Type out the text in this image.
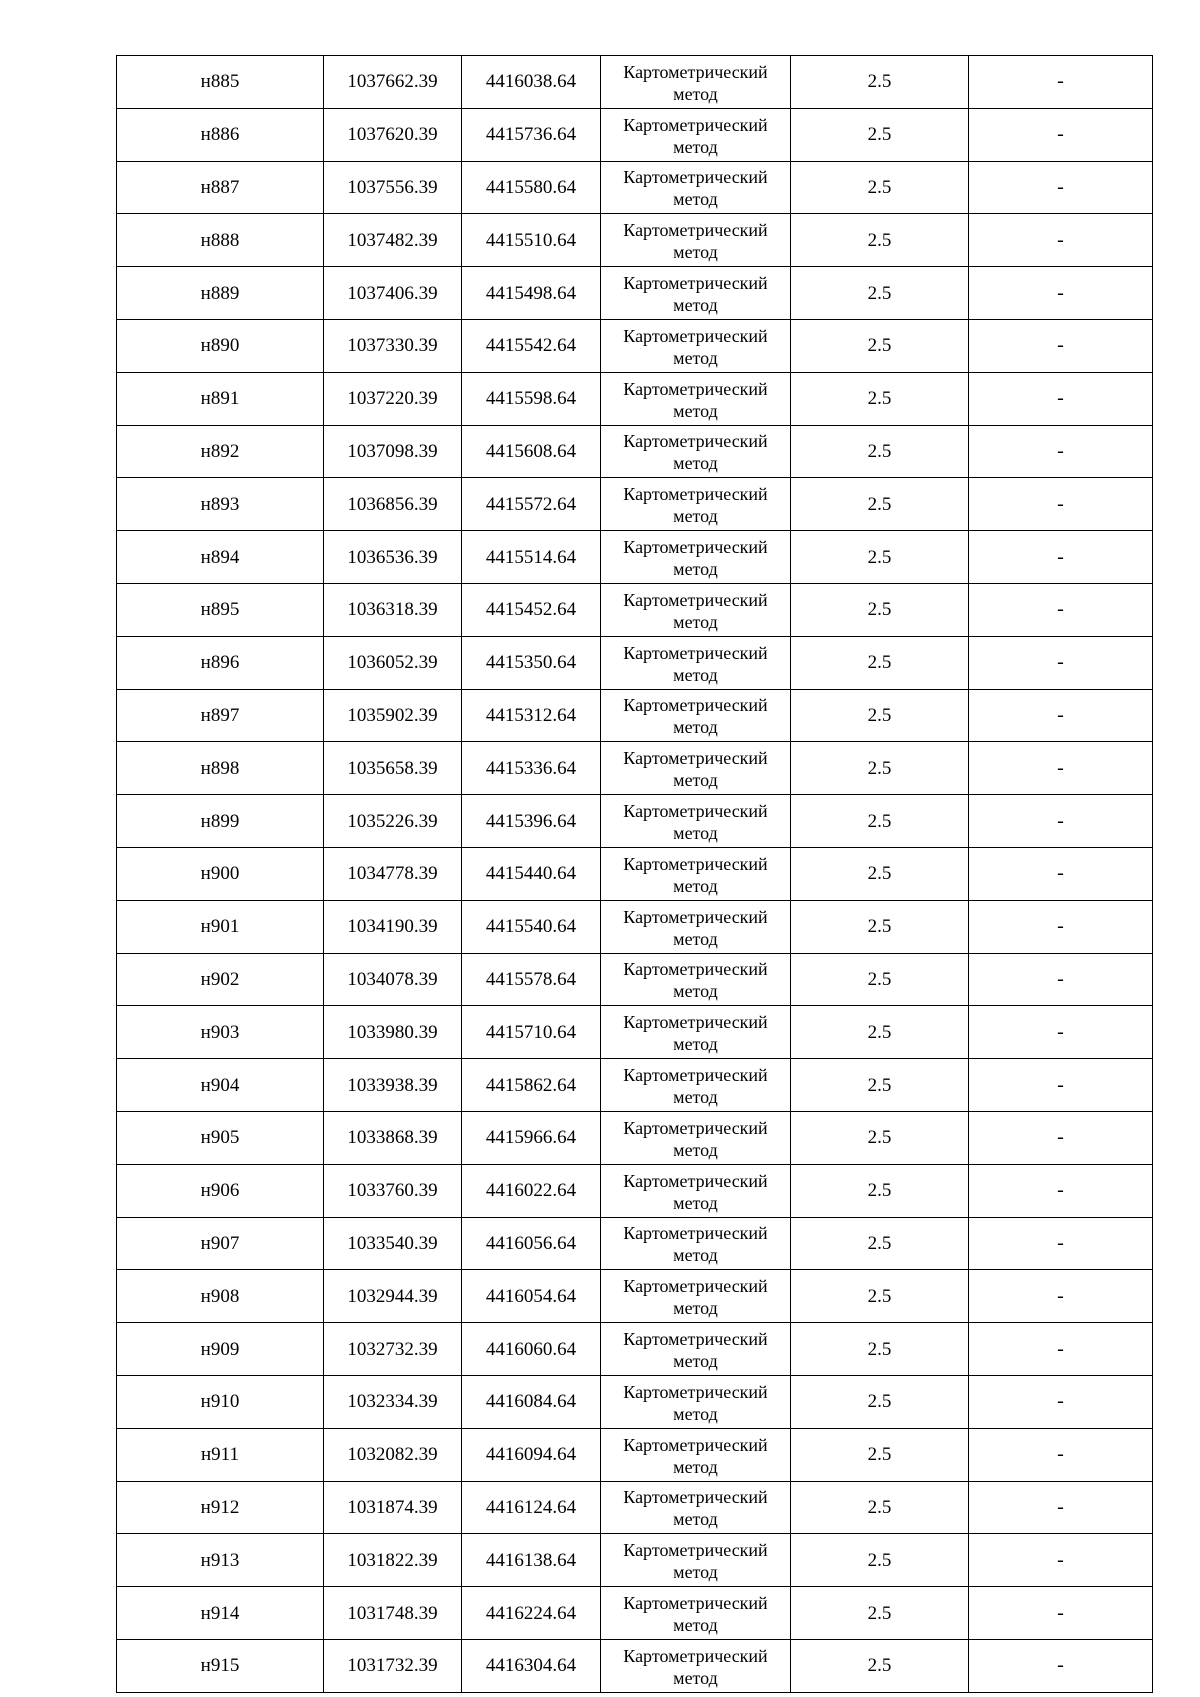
н885	1037662.39	4416038.64	Картометрический метод	2.5	-
н886	1037620.39	4415736.64	Картометрический метод	2.5	-
н887	1037556.39	4415580.64	Картометрический метод	2.5	-
н888	1037482.39	4415510.64	Картометрический метод	2.5	-
н889	1037406.39	4415498.64	Картометрический метод	2.5	-
н890	1037330.39	4415542.64	Картометрический метод	2.5	-
н891	1037220.39	4415598.64	Картометрический метод	2.5	-
н892	1037098.39	4415608.64	Картометрический метод	2.5	-
н893	1036856.39	4415572.64	Картометрический метод	2.5	-
н894	1036536.39	4415514.64	Картометрический метод	2.5	-
н895	1036318.39	4415452.64	Картометрический метод	2.5	-
н896	1036052.39	4415350.64	Картометрический метод	2.5	-
н897	1035902.39	4415312.64	Картометрический метод	2.5	-
н898	1035658.39	4415336.64	Картометрический метод	2.5	-
н899	1035226.39	4415396.64	Картометрический метод	2.5	-
н900	1034778.39	4415440.64	Картометрический метод	2.5	-
н901	1034190.39	4415540.64	Картометрический метод	2.5	-
н902	1034078.39	4415578.64	Картометрический метод	2.5	-
н903	1033980.39	4415710.64	Картометрический метод	2.5	-
н904	1033938.39	4415862.64	Картометрический метод	2.5	-
н905	1033868.39	4415966.64	Картометрический метод	2.5	-
н906	1033760.39	4416022.64	Картометрический метод	2.5	-
н907	1033540.39	4416056.64	Картометрический метод	2.5	-
н908	1032944.39	4416054.64	Картометрический метод	2.5	-
н909	1032732.39	4416060.64	Картометрический метод	2.5	-
н910	1032334.39	4416084.64	Картометрический метод	2.5	-
н911	1032082.39	4416094.64	Картометрический метод	2.5	-
н912	1031874.39	4416124.64	Картометрический метод	2.5	-
н913	1031822.39	4416138.64	Картометрический метод	2.5	-
н914	1031748.39	4416224.64	Картометрический метод	2.5	-
н915	1031732.39	4416304.64	Картометрический метод	2.5	-
